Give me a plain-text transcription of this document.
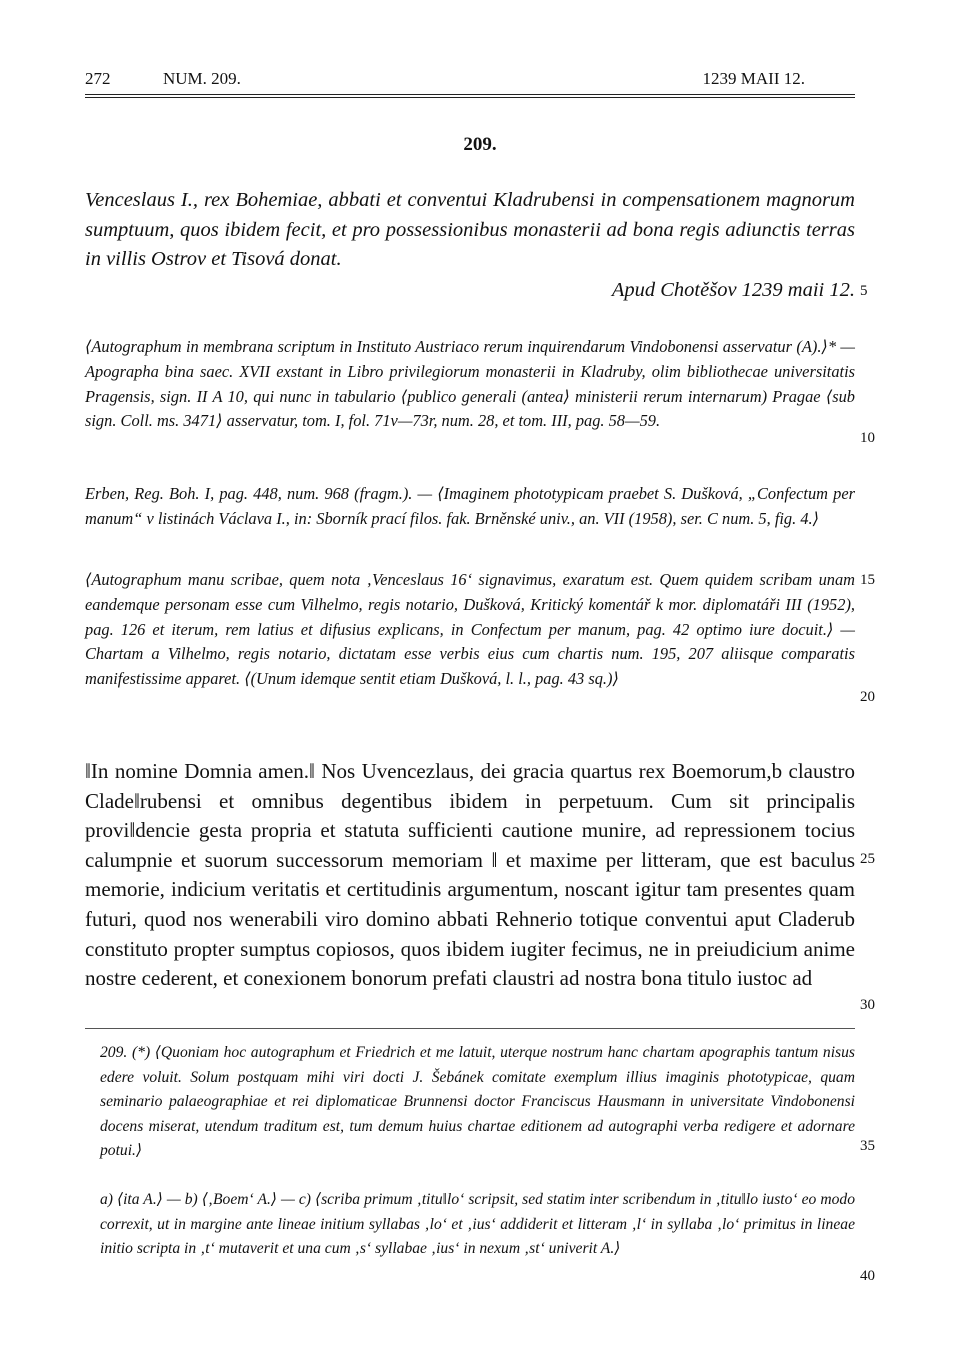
272	NUM. 209.	1239 MAII 12.
209.
Venceslaus I., rex Bohemiae, abbati et conventui Kladrubensi in compensationem magnorum sumptuum, quos ibidem fecit, et pro possessionibus monasterii ad bona regis adiunctis terras in villis Ostrov et Tisová donat.
Apud Chotěšov 1239 maii 12.
⟨Autographum in membrana scriptum in Instituto Austriaco rerum inquirendarum Vindobonensi asservatur (A).⟩* — Apographa bina saec. XVII exstant in Libro privilegiorum monasterii in Kladruby, olim bibliothecae universitatis Pragensis, sign. II A 10, qui nunc in tabulario ⟨publico generali (antea⟩ ministerii rerum internarum) Pragae ⟨sub sign. Coll. ms. 3471⟩ asservatur, tom. I, fol. 71v—73r, num. 28, et tom. III, pag. 58—59.
Erben, Reg. Boh. I, pag. 448, num. 968 (fragm.). — ⟨Imaginem phototypicam praebet S. Dušková, „Confectum per manum“ v listinách Václava I., in: Sborník prací filos. fak. Brněnské univ., an. VII (1958), ser. C num. 5, fig. 4.⟩
⟨Autographum manu scribae, quem nota ‚Venceslaus 16‘ signavimus, exaratum est. Quem quidem scribam unam eandemque personam esse cum Vilhelmo, regis notario, Dušková, Kritický komentář k mor. diplomatáři III (1952), pag. 126 et iterum, rem latius et difusius explicans, in Confectum per manum, pag. 42 optimo iure docuit.⟩ — Chartam a Vilhelmo, regis notario, dictatam esse verbis eius cum chartis num. 195, 207 aliisque comparatis manifestissime apparet. ⟨(Unum idemque sentit etiam Dušková, l. l., pag. 43 sq.)⟩
‖In nomine Domnia amen.‖ Nos Uvencezlaus, dei gracia quartus rex Boemorum,b claustro Clade‖rubensi et omnibus degentibus ibidem in perpetuum. Cum sit principalis provi‖dencie gesta propria et statuta sufficienti cautione munire, ad repressionem tocius calumpnie et suorum successorum memoriam ‖ et maxime per litteram, que est baculus memorie, indicium veritatis et certitudinis argumentum, noscant igitur tam presentes quam futuri, quod nos wenerabili viro domino abbati Rehnerio totique conventui aput Claderub constituto propter sumptus copiosos, quos ibidem iugiter fecimus, ne in preiudicium anime nostre cederent, et conexionem bonorum prefati claustri ad nostra bona titulo iustoc ad
209. (*) ⟨Quoniam hoc autographum et Friedrich et me latuit, uterque nostrum hanc chartam apographis tantum nisus edere voluit. Solum postquam mihi viri docti J. Šebánek comitate exemplum illius imaginis phototypicae, quam seminario palaeographiae et rei diplomaticae Brunnensi doctor Franciscus Hausmann in universitate Vindobonensi docens miserat, utendum traditum est, tum demum huius chartae editionem ad autographi verba redigere et adornare potui.⟩
a) ⟨ita A.⟩ — b) ⟨‚Boem‘ A.⟩ — c) ⟨scriba primum ‚titu‖lo‘ scripsit, sed statim inter scribendum in ‚titu‖lo iusto‘ eo modo correxit, ut in margine ante lineae initium syllabas ‚lo‘ et ‚ius‘ addiderit et litteram ‚l‘ in syllaba ‚lo‘ primitus in lineae initio scripta in ‚t‘ mutaverit et una cum ‚s‘ syllabae ‚ius‘ in nexum ‚st‘ univerit A.⟩
5
10
15
20
25
30
35
40
